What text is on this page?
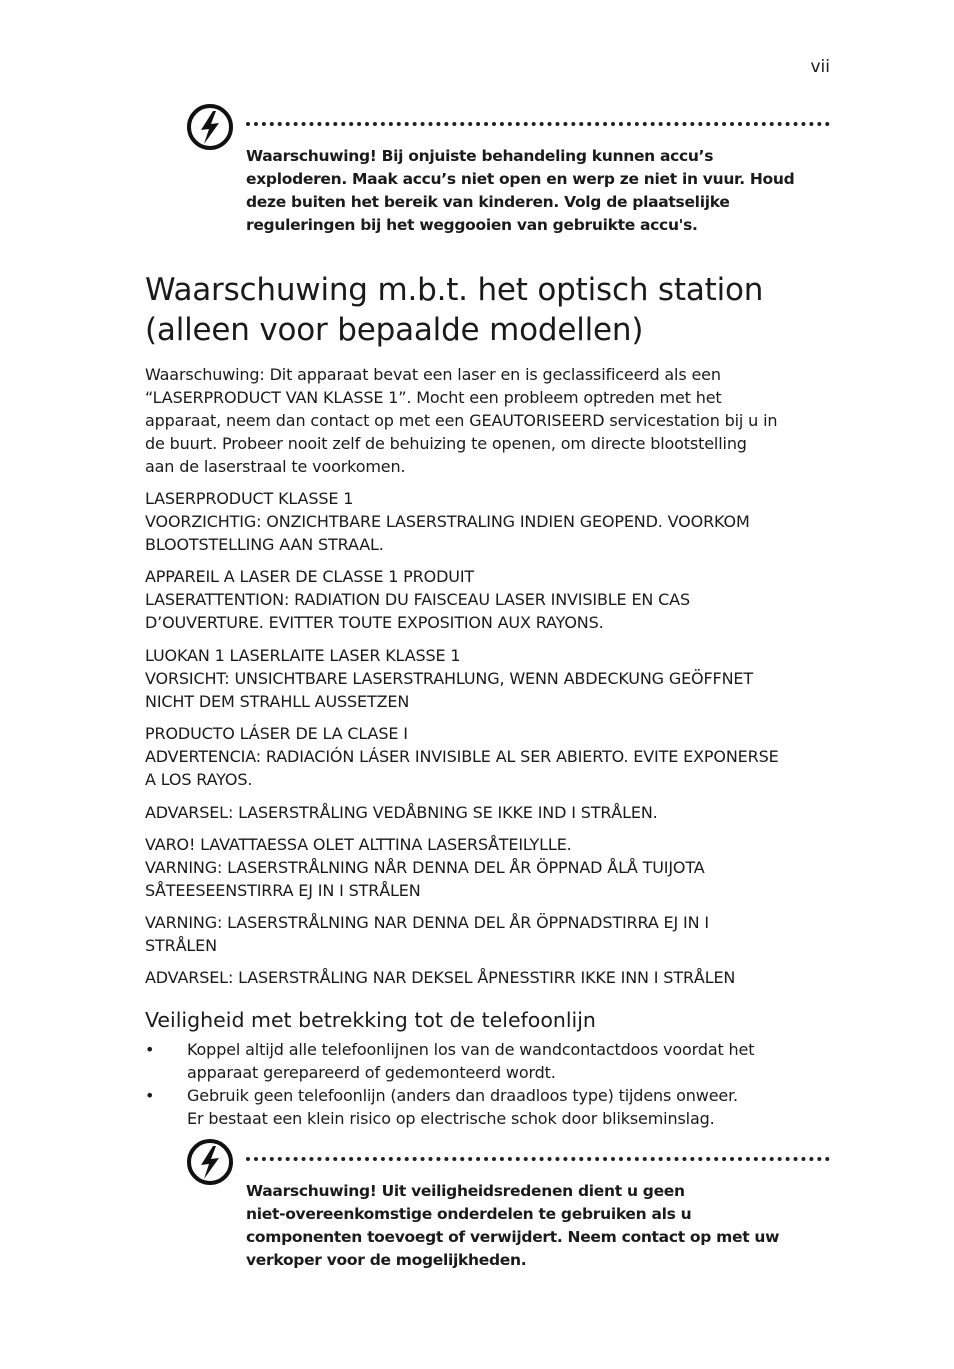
vii
Waarschuwing! Bij onjuiste behandeling kunnen accu’s
exploderen. Maak accu’s niet open en werp ze niet in vuur. Houd
deze buiten het bereik van kinderen. Volg de plaatselijke
reguleringen bij het weggooien van gebruikte accu's.
Waarschuwing m.b.t. het optisch station
(alleen voor bepaalde modellen)
Waarschuwing: Dit apparaat bevat een laser en is geclassificeerd als een
“LASERPRODUCT VAN KLASSE 1”. Mocht een probleem optreden met het
apparaat, neem dan contact op met een GEAUTORISEERD servicestation bij u in
de buurt. Probeer nooit zelf de behuizing te openen, om directe blootstelling
aan de laserstraal te voorkomen.
LASERPRODUCT KLASSE 1
VOORZICHTIG: ONZICHTBARE LASERSTRALING INDIEN GEOPEND. VOORKOM
BLOOTSTELLING AAN STRAAL.
APPAREIL A LASER DE CLASSE 1 PRODUIT
LASERATTENTION: RADIATION DU FAISCEAU LASER INVISIBLE EN CAS
D’OUVERTURE. EVITTER TOUTE EXPOSITION AUX RAYONS.
LUOKAN 1 LASERLAITE LASER KLASSE 1
VORSICHT: UNSICHTBARE LASERSTRAHLUNG, WENN ABDECKUNG GEÖFFNET
NICHT DEM STRAHLL AUSSETZEN
PRODUCTO LÁSER DE LA CLASE I
ADVERTENCIA: RADIACIÓN LÁSER INVISIBLE AL SER ABIERTO. EVITE EXPONERSE
A LOS RAYOS.
ADVARSEL: LASERSTRÅLING VEDÅBNING SE IKKE IND I STRÅLEN.
VARO! LAVATTAESSA OLET ALTTINA LASERSÅTEILYLLE.
VARNING: LASERSTRÅLNING NÅR DENNA DEL ÅR ÖPPNAD ÅLÅ TUIJOTA
SÅTEESEENSTIRRA EJ IN I STRÅLEN
VARNING: LASERSTRÅLNING NAR DENNA DEL ÅR ÖPPNADSTIRRA EJ IN I
STRÅLEN
ADVARSEL: LASERSTRÅLING NAR DEKSEL ÅPNESSTIRR IKKE INN I STRÅLEN
Veiligheid met betrekking tot de telefoonlijn
• Koppel altijd alle telefoonlijnen los van de wandcontactdoos voordat het
apparaat gerepareerd of gedemonteerd wordt.
• Gebruik geen telefoonlijn (anders dan draadloos type) tijdens onweer.
Er bestaat een klein risico op electrische schok door blikseminslag.
Waarschuwing! Uit veiligheidsredenen dient u geen
niet-overeenkomstige onderdelen te gebruiken als u
componenten toevoegt of verwijdert. Neem contact op met uw
verkoper voor de mogelijkheden.
